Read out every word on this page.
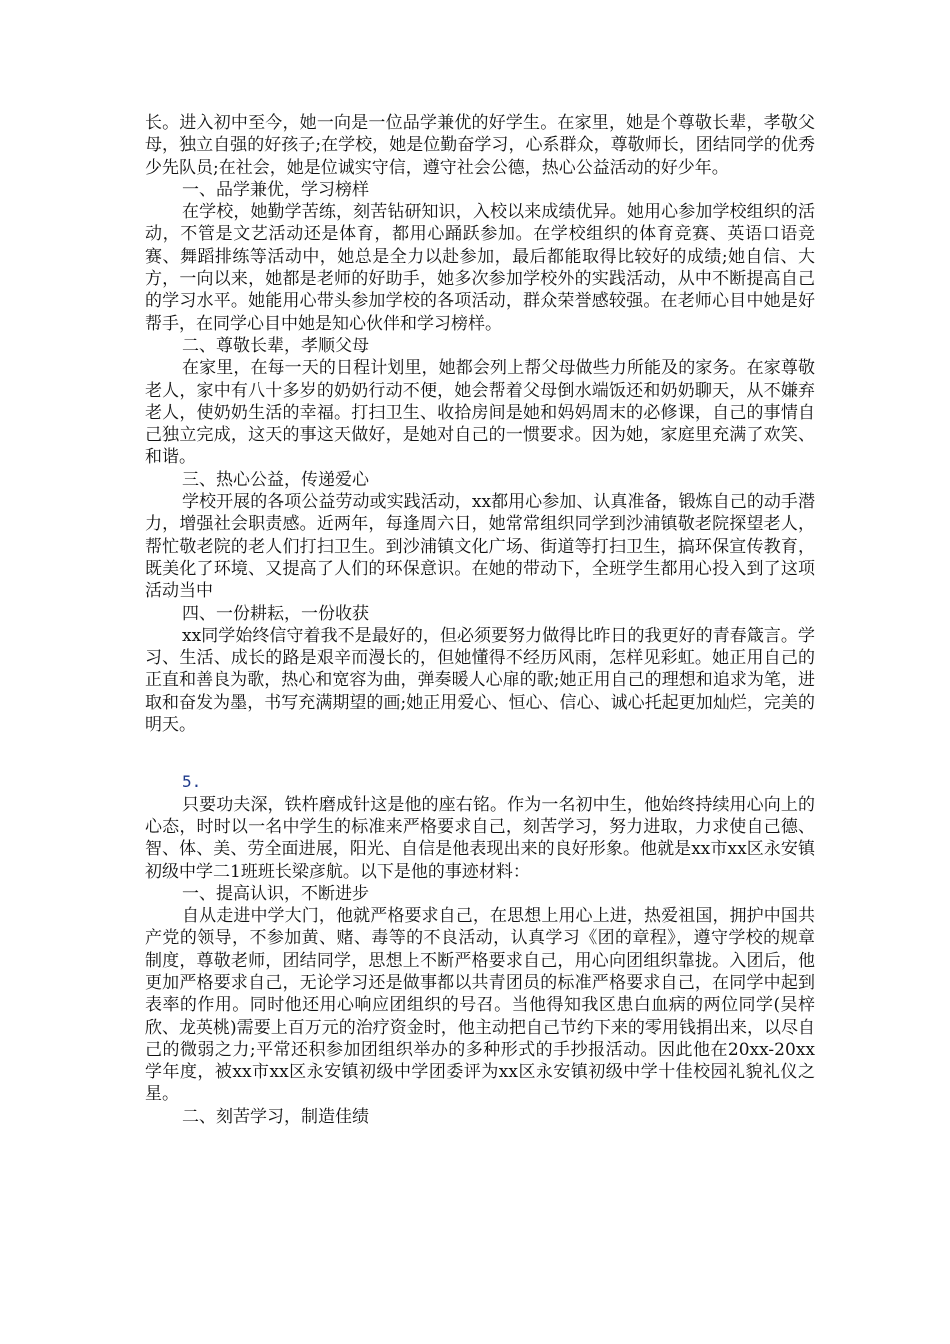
长。进入初中至今，她一向是一位品学兼优的好学生。在家里，她是个尊敬长辈，孝敬父母，独立自强的好孩子;在学校，她是位勤奋学习，心系群众，尊敬师长，团结同学的优秀少先队员;在社会，她是位诚实守信，遵守社会公德，热心公益活动的好少年。

一、品学兼优，学习榜样

在学校，她勤学苦练，刻苦钻研知识，入校以来成绩优异。她用心参加学校组织的活动，不管是文艺活动还是体育，都用心踊跃参加。在学校组织的体育竞赛、英语口语竞赛、舞蹈排练等活动中，她总是全力以赴参加，最后都能取得比较好的成绩;她自信、大方，一向以来，她都是老师的好助手，她多次参加学校外的实践活动，从中不断提高自己的学习水平。她能用心带头参加学校的各项活动，群众荣誉感较强。在老师心目中她是好帮手，在同学心目中她是知心伙伴和学习榜样。

二、尊敬长辈，孝顺父母

在家里，在每一天的日程计划里，她都会列上帮父母做些力所能及的家务。在家尊敬老人，家中有八十多岁的奶奶行动不便，她会帮着父母倒水端饭还和奶奶聊天，从不嫌弃老人，使奶奶生活的幸福。打扫卫生、收拾房间是她和妈妈周末的必修课，自己的事情自己独立完成，这天的事这天做好，是她对自己的一惯要求。因为她，家庭里充满了欢笑、和谐。

三、热心公益，传递爱心

学校开展的各项公益劳动或实践活动，xx都用心参加、认真准备，锻炼自己的动手潜力，增强社会职责感。近两年，每逢周六日，她常常组织同学到沙浦镇敬老院探望老人，帮忙敬老院的老人们打扫卫生。到沙浦镇文化广场、街道等打扫卫生，搞环保宣传教育，既美化了环境、又提高了人们的环保意识。在她的带动下，全班学生都用心投入到了这项活动当中

四、一份耕耘，一份收获

xx同学始终信守着我不是最好的，但必须要努力做得比昨日的我更好的青春箴言。学习、生活、成长的路是艰辛而漫长的，但她懂得不经历风雨，怎样见彩虹。她正用自己的正直和善良为歌，热心和宽容为曲，弹奏暖人心扉的歌;她正用自己的理想和追求为笔，进取和奋发为墨，书写充满期望的画;她正用爱心、恒心、信心、诚心托起更加灿烂，完美的明天。

5.

只要功夫深，铁杵磨成针这是他的座右铭。作为一名初中生，他始终持续用心向上的心态，时时以一名中学生的标准来严格要求自己，刻苦学习，努力进取，力求使自己德、智、体、美、劳全面进展，阳光、自信是他表现出来的良好形象。他就是xx市xx区永安镇初级中学二1班班长梁彦航。以下是他的事迹材料：

一、提高认识，不断进步

自从走进中学大门，他就严格要求自己，在思想上用心上进，热爱祖国，拥护中国共产党的领导，不参加黄、赌、毒等的不良活动，认真学习《团的章程》，遵守学校的规章制度，尊敬老师，团结同学，思想上不断严格要求自己，用心向团组织靠拢。入团后，他更加严格要求自己，无论学习还是做事都以共青团员的标准严格要求自己，在同学中起到表率的作用。同时他还用心响应团组织的号召。当他得知我区患白血病的两位同学(吴梓欣、龙英桃)需要上百万元的治疗资金时，他主动把自己节约下来的零用钱捐出来，以尽自己的微弱之力;平常还积参加团组织举办的多种形式的手抄报活动。因此他在20xx-20xx学年度，被xx市xx区永安镇初级中学团委评为xx区永安镇初级中学十佳校园礼貌礼仪之星。

二、刻苦学习，制造佳绩
